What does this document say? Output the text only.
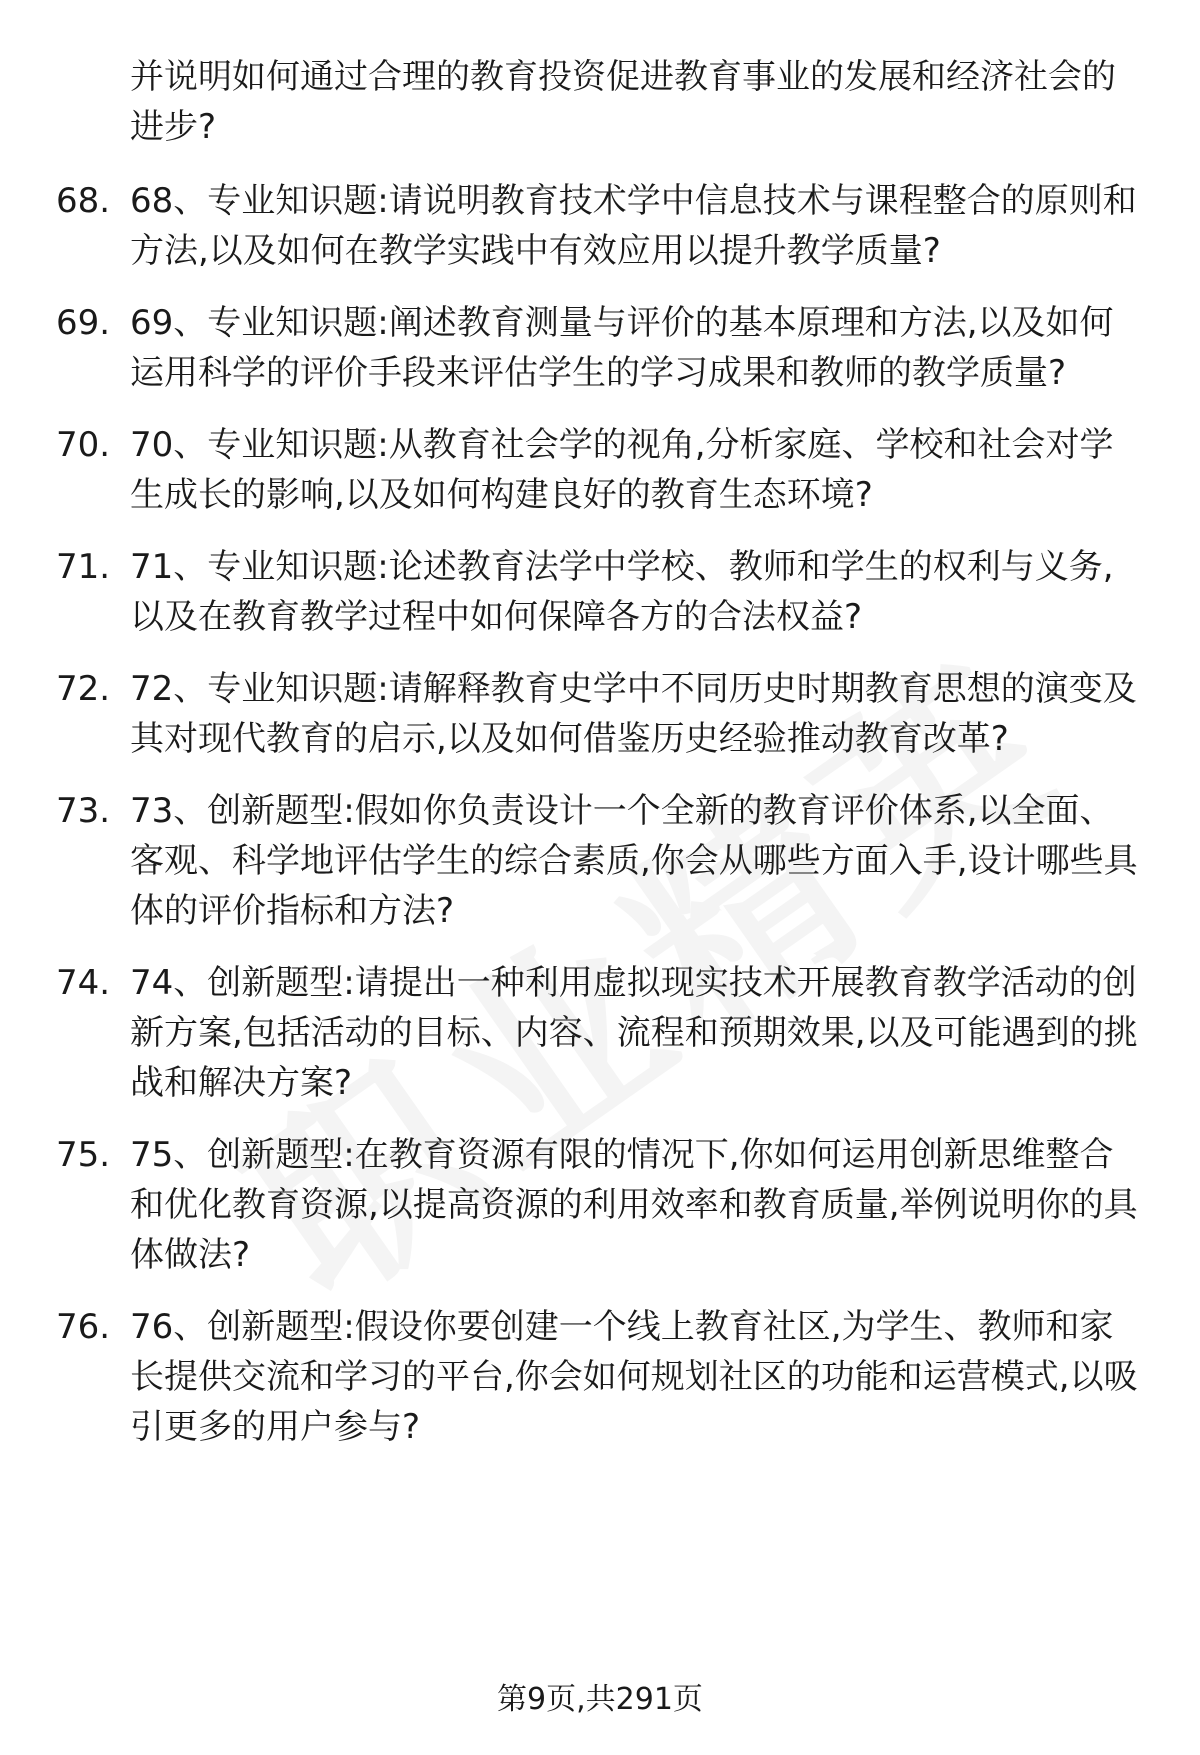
并说明如何通过合理的教育投资促进教育事业的发展和经济社会的进步?
68. 68、专业知识题:请说明教育技术学中信息技术与课程整合的原则和方法,以及如何在教学实践中有效应用以提升教学质量?
69. 69、专业知识题:阐述教育测量与评价的基本原理和方法,以及如何运用科学的评价手段来评估学生的学习成果和教师的教学质量?
70. 70、专业知识题:从教育社会学的视角,分析家庭、学校和社会对学生成长的影响,以及如何构建良好的教育生态环境?
71. 71、专业知识题:论述教育法学中学校、教师和学生的权利与义务,以及在教育教学过程中如何保障各方的合法权益?
72. 72、专业知识题:请解释教育史学中不同历史时期教育思想的演变及其对现代教育的启示,以及如何借鉴历史经验推动教育改革?
73. 73、创新题型:假如你负责设计一个全新的教育评价体系,以全面、客观、科学地评估学生的综合素质,你会从哪些方面入手,设计哪些具体的评价指标和方法?
74. 74、创新题型:请提出一种利用虚拟现实技术开展教育教学活动的创新方案,包括活动的目标、内容、流程和预期效果,以及可能遇到的挑战和解决方案?
75. 75、创新题型:在教育资源有限的情况下,你如何运用创新思维整合和优化教育资源,以提高资源的利用效率和教育质量,举例说明你的具体做法?
76. 76、创新题型:假设你要创建一个线上教育社区,为学生、教师和家长提供交流和学习的平台,你会如何规划社区的功能和运营模式,以吸引更多的用户参与?
第9页,共291页
